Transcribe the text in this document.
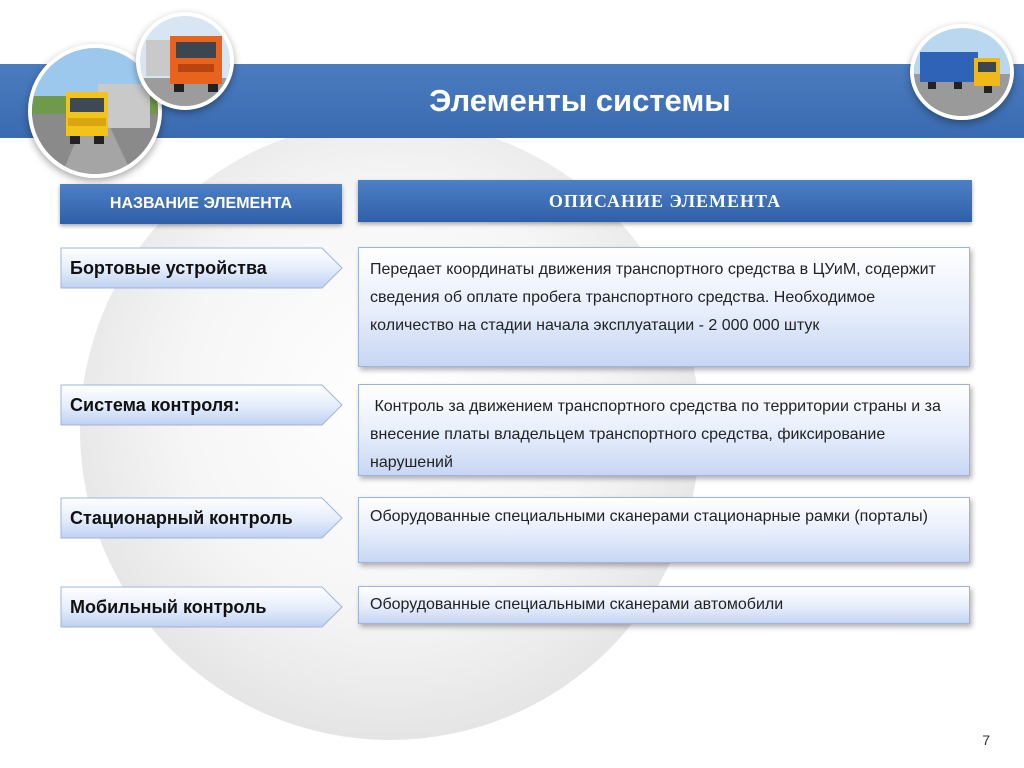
Элементы системы
НАЗВАНИЕ ЭЛЕМЕНТА	ОПИСАНИЕ ЭЛЕМЕНТА
Бортовые устройства	Передает координаты движения транспортного средства в ЦУиМ, содержит сведения об оплате пробега транспортного средства. Необходимое количество на стадии начала эксплуатации - 2 000 000 штук
Система контроля:	Контроль за движением транспортного средства по территории страны и за внесение платы владельцем транспортного средства, фиксирование нарушений
Стационарный контроль	Оборудованные специальными сканерами стационарные рамки (порталы)
Мобильный контроль	Оборудованные специальными сканерами автомобили
7
